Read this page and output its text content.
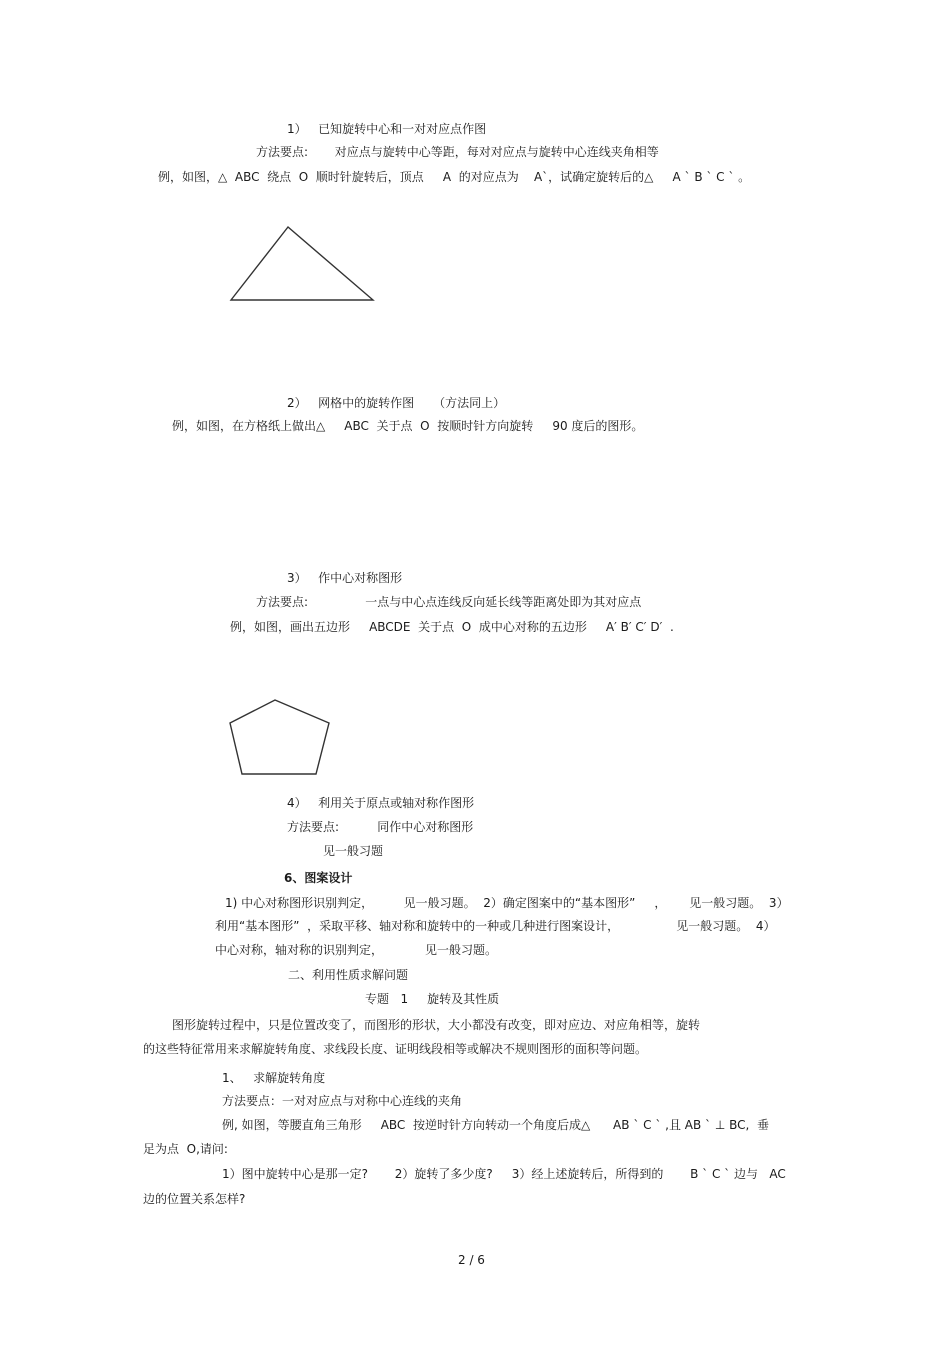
1）   已知旋转中心和一对对应点作图
方法要点:       对应点与旋转中心等距，每对对应点与旋转中心连线夹角相等
例，如图，△  ABC  绕点  O  顺时针旋转后，顶点     A  的对应点为    A`，试确定旋转后的△     A ` B ` C ` 。
2）   网格中的旋转作图     （方法同上）
例，如图，在方格纸上做出△     ABC  关于点  O  按顺时针方向旋转     90 度后的图形。
3）   作中心对称图形
方法要点:               一点与中心点连线反向延长线等距离处即为其对应点
例，如图，画出五边形     ABCDE  关于点  O  成中心对称的五边形     A′ B′ C′ D′  .
4）   利用关于原点或轴对称作图形
方法要点:          同作中心对称图形
见一般习题
6、图案设计
1) 中心对称图形识别判定，        见一般习题。  2）确定图案中的“基本图形”     ，      见一般习题。  3）
利用“基本图形”  ，采取平移、轴对称和旋转中的一种或几种进行图案设计，               见一般习题。  4）
中心对称，轴对称的识别判定，           见一般习题。
二、利用性质求解问题
专题   1     旋转及其性质
图形旋转过程中，只是位置改变了，而图形的形状，大小都没有改变，即对应边、对应角相等，旋转
的这些特征常用来求解旋转角度、求线段长度、证明线段相等或解决不规则图形的面积等问题。
1、   求解旋转角度
方法要点：一对对应点与对称中心连线的夹角
例, 如图，等腰直角三角形     ABC  按逆时针方向转动一个角度后成△      AB ` C ` ,且 AB ` ⊥ BC,  垂
足为点  O,请问:
1）图中旋转中心是那一定?       2）旋转了多少度?     3）经上述旋转后，所得到的       B ` C ` 边与   AC
边的位置关系怎样?
2 / 6
